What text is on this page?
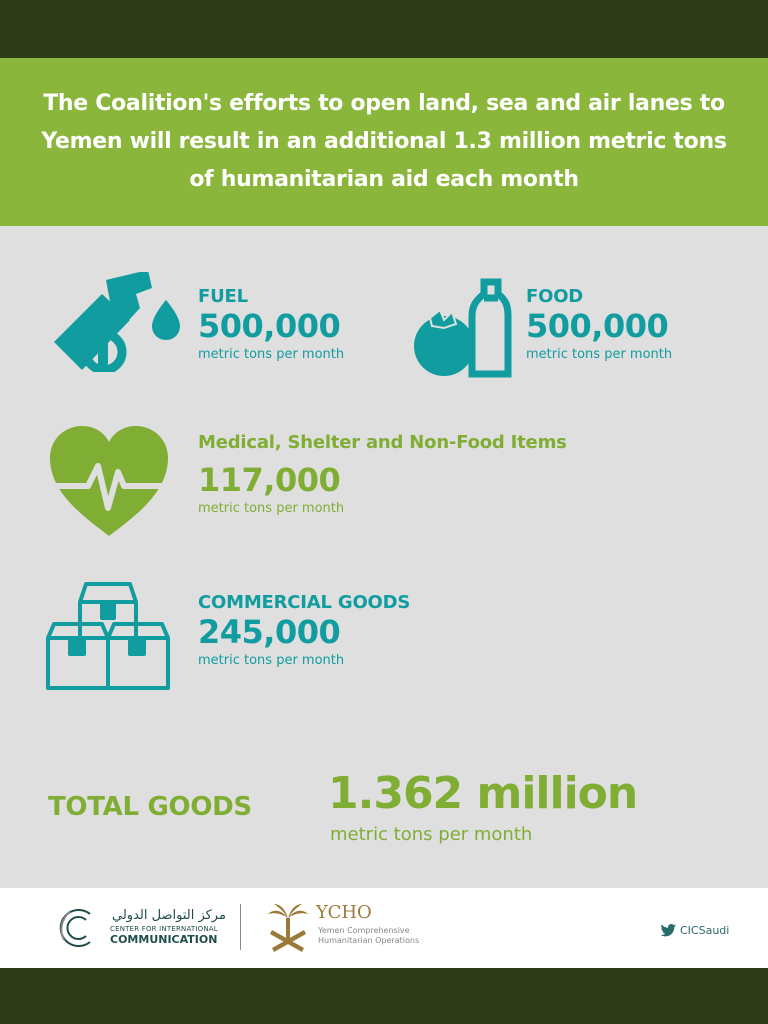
The Coalition's efforts to open land, sea and air lanes to Yemen will result in an additional 1.3 million metric tons of humanitarian aid each month
FUEL
500,000
metric tons per month
FOOD
500,000
metric tons per month
Medical, Shelter and Non-Food Items
117,000
metric tons per month
COMMERCIAL GOODS
245,000
metric tons per month
TOTAL GOODS 1.362 million
metric tons per month
مركز التواصل الدولي
CENTER FOR INTERNATIONAL
COMMUNICATION
YCHO
Yemen Comprehensive
Humanitarian Operations
CICSaudi
